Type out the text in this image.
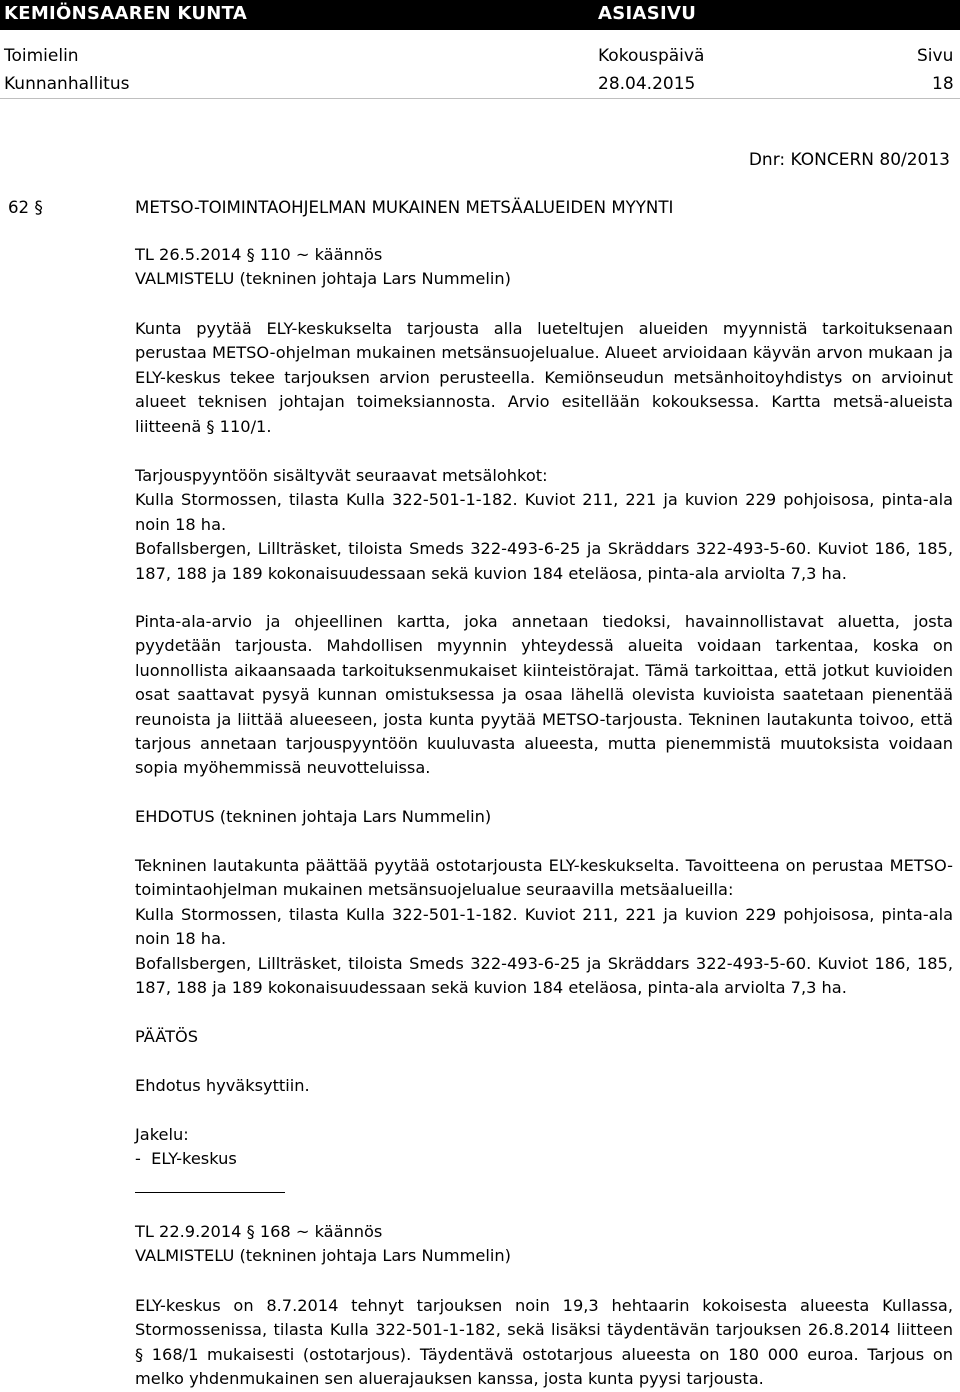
KEMIÖNSAAREN KUNTA	ASIASIVU
Toimielin	Kokouspäivä	Sivu
Kunnanhallitus	28.04.2015	18
Dnr: KONCERN 80/2013
62 §	METSO-TOIMINTAOHJELMAN MUKAINEN METSÄALUEIDEN MYYNTI

TL 26.5.2014 § 110 ~ käännös

VALMISTELU (tekninen johtaja Lars Nummelin)

Kunta pyytää ELY-keskukselta tarjousta alla lueteltujen alueiden myynnistä tarkoituksenaan perustaa METSO-ohjelman mukainen metsänsuojelualue. Alueet arvioidaan käyvän arvon mukaan ja ELY-keskus tekee tarjouksen arvion perusteella. Kemiönseudun metsänhoitoyhdistys on arvioinut alueet teknisen johtajan toimeksiannosta. Arvio esitellään kokouksessa. Kartta metsä-alueista liitteenä § 110/1.

Tarjouspyyntöön sisältyvät seuraavat metsälohkot:

Kulla Stormossen, tilasta Kulla 322-501-1-182. Kuviot 211, 221 ja kuvion 229 pohjoisosa, pinta-ala noin 18 ha.

Bofallsbergen, Lillträsket, tiloista Smeds 322-493-6-25 ja Skräddars 322-493-5-60. Kuviot 186, 185, 187, 188 ja 189 kokonaisuudessaan sekä kuvion 184 eteläosa, pinta-ala arviolta 7,3 ha.

Pinta-ala-arvio ja ohjeellinen kartta, joka annetaan tiedoksi, havainnollistavat aluetta, josta pyydetään tarjousta. Mahdollisen myynnin yhteydessä alueita voidaan tarkentaa, koska on luonnollista aikaansaada tarkoituksenmukaiset kiinteistörajat. Tämä tarkoittaa, että jotkut kuvioiden osat saattavat pysyä kunnan omistuksessa ja osaa lähellä olevista kuvioista saatetaan pienentää reunoista ja liittää alueeseen, josta kunta pyytää METSO-tarjousta. Tekninen lautakunta toivoo, että tarjous annetaan tarjouspyyntöön kuuluvasta alueesta, mutta pienemmistä muutoksista voidaan sopia myöhemmissä neuvotteluissa.

EHDOTUS (tekninen johtaja Lars Nummelin)

Tekninen lautakunta päättää pyytää ostotarjousta ELY-keskukselta. Tavoitteena on perustaa METSO-toimintaohjelman mukainen metsänsuojelualue seuraavilla metsäalueilla:

Kulla Stormossen, tilasta Kulla 322-501-1-182. Kuviot 211, 221 ja kuvion 229 pohjoisosa, pinta-ala noin 18 ha.

Bofallsbergen, Lillträsket, tiloista Smeds 322-493-6-25 ja Skräddars 322-493-5-60. Kuviot 186, 185, 187, 188 ja 189 kokonaisuudessaan sekä kuvion 184 eteläosa, pinta-ala arviolta 7,3 ha.

PÄÄTÖS
Ehdotus hyväksyttiin.

Jakelu:

-  ELY-keskus

TL 22.9.2014 § 168 ~ käännös

VALMISTELU (tekninen johtaja Lars Nummelin)

ELY-keskus on 8.7.2014 tehnyt tarjouksen noin 19,3 hehtaarin kokoisesta alueesta Kullassa, Stormossenissa, tilasta Kulla 322-501-1-182, sekä lisäksi täydentävän tarjouksen 26.8.2014 liitteen § 168/1 mukaisesti (ostotarjous). Täydentävä ostotarjous alueesta on 180 000 euroa. Tarjous on melko yhdenmukainen sen aluerajauksen kanssa, josta kunta pyysi tarjousta.
